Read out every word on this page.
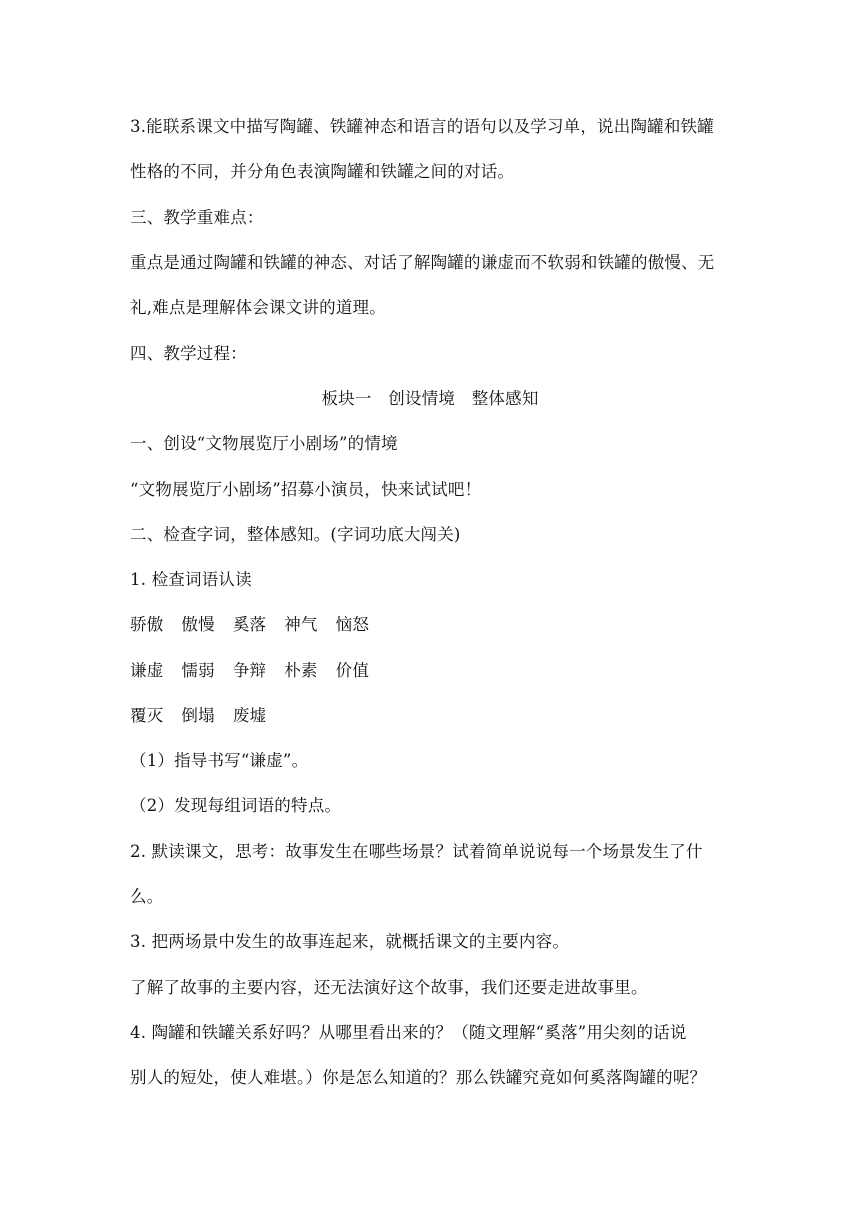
3.能联系课文中描写陶罐、铁罐神态和语言的语句以及学习单，说出陶罐和铁罐
性格的不同，并分角色表演陶罐和铁罐之间的对话。
三、教学重难点：
重点是通过陶罐和铁罐的神态、对话了解陶罐的谦虚而不软弱和铁罐的傲慢、无
礼,难点是理解体会课文讲的道理。
四、教学过程：
板块一　创设情境　整体感知
一、创设“文物展览厅小剧场”的情境
“文物展览厅小剧场”招募小演员，快来试试吧！
二、检查字词，整体感知。(字词功底大闯关)
1. 检查词语认读
骄傲 傲慢 奚落 神气 恼怒
谦虚 懦弱 争辩 朴素 价值
覆灭 倒塌 废墟
（1）指导书写“谦虚”。
（2）发现每组词语的特点。
2. 默读课文，思考：故事发生在哪些场景？试着简单说说每一个场景发生了什
么。
3. 把两场景中发生的故事连起来，就概括课文的主要内容。
了解了故事的主要内容，还无法演好这个故事，我们还要走进故事里。
4. 陶罐和铁罐关系好吗？从哪里看出来的？（随文理解“奚落”用尖刻的话说
别人的短处，使人难堪。）你是怎么知道的？那么铁罐究竟如何奚落陶罐的呢？
